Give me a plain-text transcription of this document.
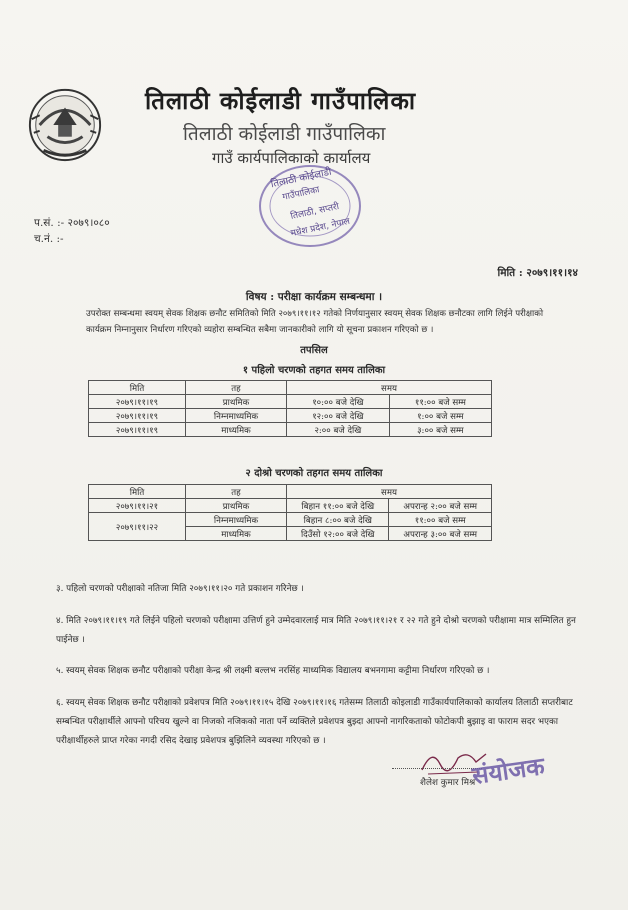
तिलाठी कोईलाडी गाउँपालिका
तिलाठी कोईलाडी गाउँपालिका
गाउँ कार्यपालिकाको कार्यालय
तिलाठी कोईलाडी
गाउँपालिका
तिलाठी, सप्तरी
मधेश प्रदेश, नेपाल
प.सं. :- २०७९।०८०
च.नं. :-
मिति : २०७९।११।१४
विषय : परीक्षा कार्यक्रम सम्बन्धमा ।
उपरोक्त सम्बन्धमा स्वयम् सेवक शिक्षक छनौट समितिको मिति २०७९।११।१२ गतेको निर्णयानुसार स्वयम् सेवक शिक्षक छनौटका लागि लिईने परीक्षाको कार्यक्रम निम्नानुसार निर्धारण गरिएको व्यहोरा सम्बन्धित सबैमा जानकारीको लागि यो सूचना प्रकाशन गरिएको छ ।
तपसिल
१ पहिलो चरणको तहगत समय तालिका
मिति	तह	समय	
२०७९।११।१९	प्राथमिक	१०:०० बजे देखि	११:०० बजे सम्म
२०७९।११।१९	निम्नमाध्यमिक	१२:०० बजे देखि	१:०० बजे सम्म
२०७९।११।१९	माध्यमिक	२:०० बजे देखि	३:०० बजे सम्म
२ दोश्रो चरणको तहगत समय तालिका
मिति	तह	समय	
२०७९।११।२१	प्राथमिक	बिहान ११:०० बजे देखि	अपरान्ह २:०० बजे सम्म
२०७९।११।२२	निम्नमाध्यमिक	बिहान ८:०० बजे देखि	११:०० बजे सम्म
	माध्यमिक	दिउँसो १२:०० बजे देखि	अपरान्ह ३:०० बजे सम्म
३. पहिलो चरणको परीक्षाको नतिजा मिति २०७९।११।२० गते प्रकाशन गरिनेछ ।
४. मिति २०७९।११।१९ गते लिईने पहिलो चरणको परीक्षामा उत्तिर्ण हुने उम्मेदवारलाई मात्र मिति २०७९।११।२१ र २२ गते हुने दोश्रो चरणको परीक्षामा मात्र सम्मिलित हुन पाईनेछ ।
५. स्वयम् सेवक शिक्षक छनौट परीक्षाको परीक्षा केन्द्र श्री लक्ष्मी बल्लभ नरसिंह माध्यमिक विद्यालय बभनगामा कट्टीमा निर्धारण गरिएको छ ।
६. स्वयम् सेवक शिक्षक छनौट परीक्षाको प्रवेशपत्र मिति २०७९।११।१५ देखि २०७९।११।१६ गतेसम्म तिलाठी कोइलाडी गाउँकार्यपालिकाको कार्यालय तिलाठी सप्तरीबाट सम्बन्धित परीक्षार्थीले आफ्नो परिचय खुल्ने वा निजको नजिकको नाता पर्ने व्यक्तिले प्रवेशपत्र बुझ्दा आफ्नो नागरिकताको फोटोकपी बुझाइ वा फाराम सदर भएका परीक्षार्थीहरुले प्राप्त गरेका नगदी रसिद देखाइ प्रवेशपत्र बुझिलिने व्यवस्था गरिएको छ ।
शैलेश कुमार मिश्र
संयोजक
